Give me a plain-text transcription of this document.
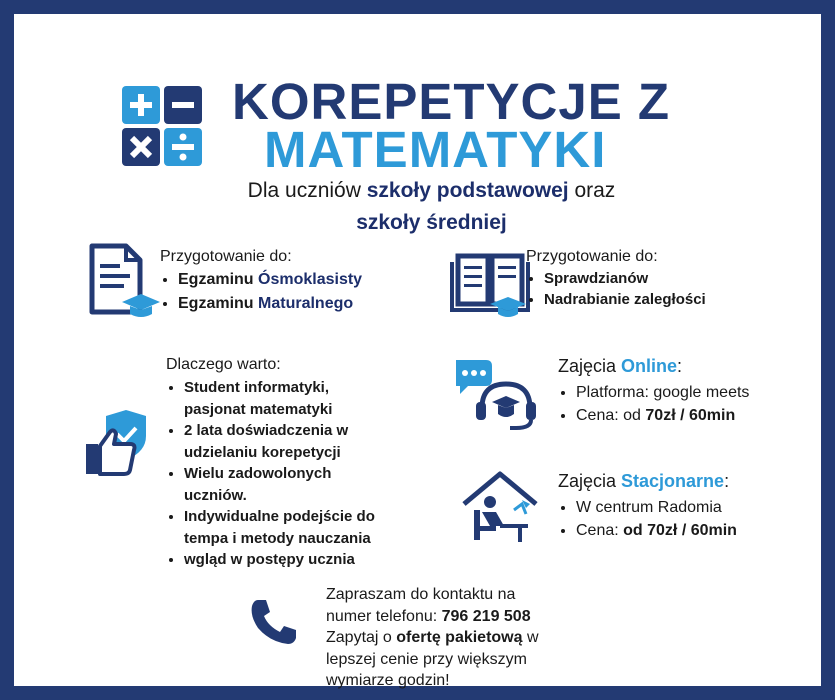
KOREPETYCJE Z
MATEMATYKI
Dla uczniów szkoły podstawowej oraz
szkoły średniej
Przygotowanie do:
• Egzaminu Ósmoklasisty
• Egzaminu Maturalnego
Przygotowanie do:
• Sprawdzianów
• Nadrabianie zaległości
Dlaczego warto:
• Student informatyki,
pasjonat matematyki
• 2 lata doświadczenia w
udzielaniu korepetycji
• Wielu zadowolonych
uczniów.
• Indywidualne podejście do
tempa i metody nauczania
• wgląd w postępy ucznia
Zajęcia Online:
• Platforma: google meets
• Cena: od 70zł / 60min
Zajęcia Stacjonarne:
• W centrum Radomia
• Cena: od 70zł / 60min
Zapraszam do kontaktu na
numer telefonu: 796 219 508
Zapytaj o ofertę pakietową w
lepszej cenie przy większym
wymiarze godzin!
